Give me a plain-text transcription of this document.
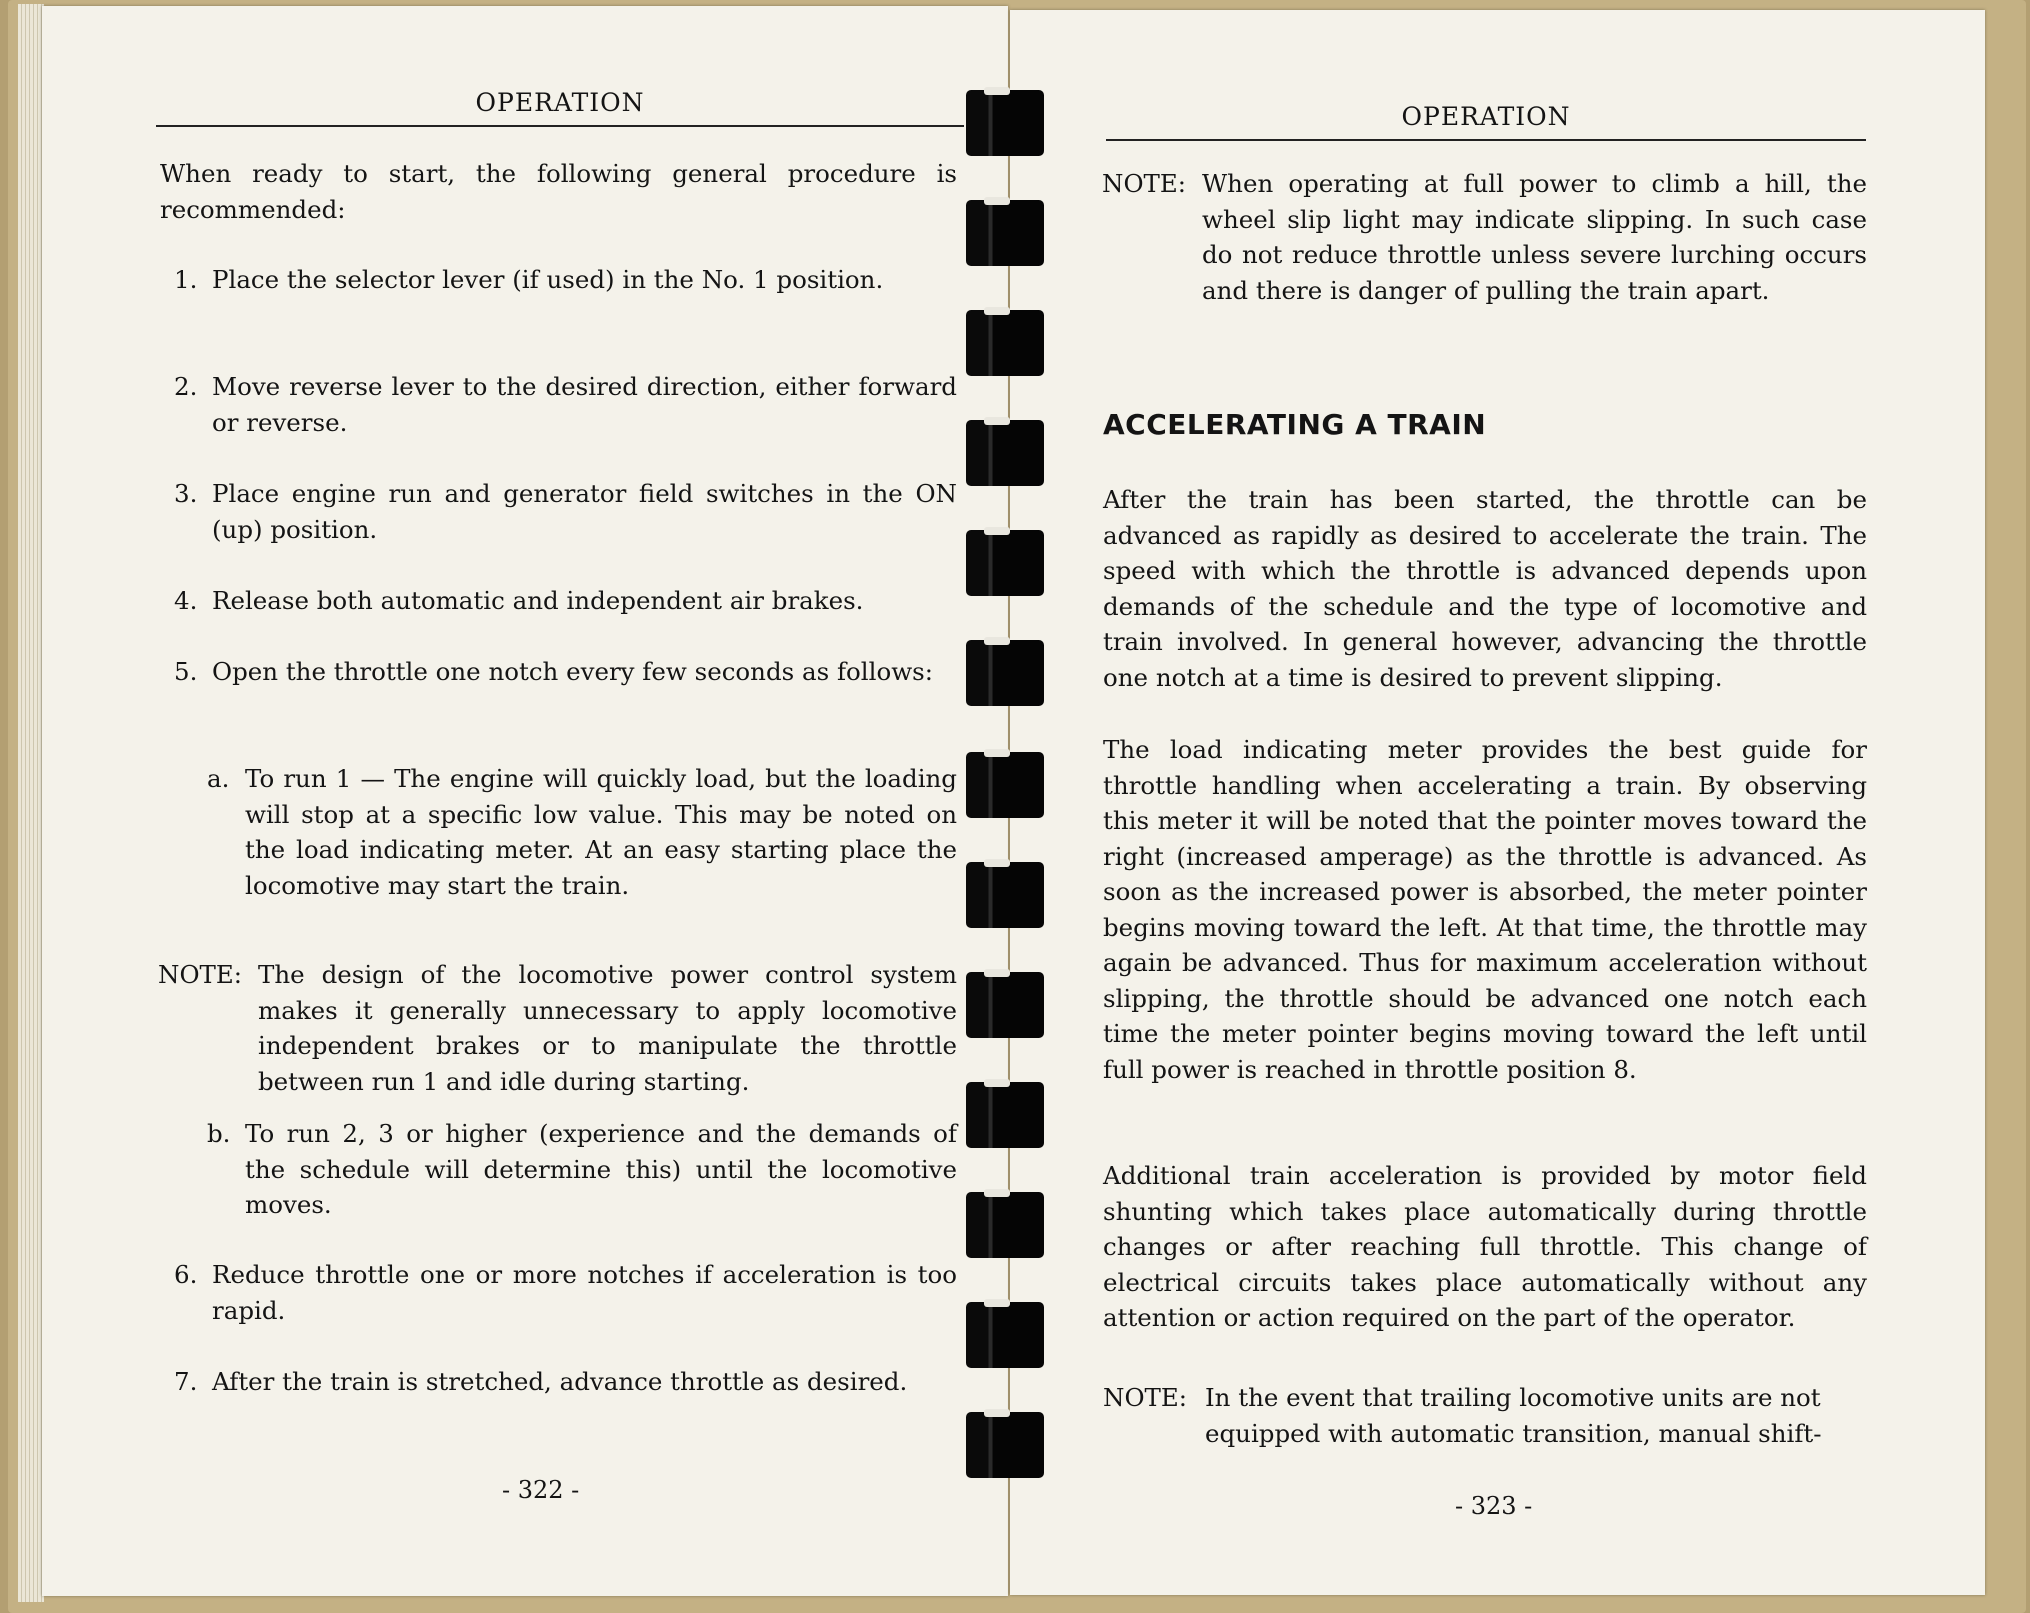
OPERATION

When ready to start, the following general procedure is recommended:

1. Place the selector lever (if used) in the No. 1 position.

2. Move reverse lever to the desired direction, either forward or reverse.

3. Place engine run and generator field switches in the ON (up) position.

4. Release both automatic and independent air brakes.

5. Open the throttle one notch every few seconds as follows:

a. To run 1 — The engine will quickly load, but the loading will stop at a specific low value. This may be noted on the load indicating meter. At an easy starting place the locomotive may start the train.

NOTE: The design of the locomotive power control system makes it generally unnecessary to apply locomotive independent brakes or to manipulate the throttle between run 1 and idle during starting.

b. To run 2, 3 or higher (experience and the demands of the schedule will determine this) until the locomotive moves.

6. Reduce throttle one or more notches if acceleration is too rapid.

7. After the train is stretched, advance throttle as desired.

- 322 -
OPERATION
NOTE: When operating at full power to climb a hill, the wheel slip light may indicate slipping. In such case do not reduce throttle unless severe lurching occurs and there is danger of pulling the train apart.

ACCELERATING A TRAIN

After the train has been started, the throttle can be advanced as rapidly as desired to accelerate the train. The speed with which the throttle is advanced depends upon demands of the schedule and the type of locomotive and train involved. In general however, advancing the throttle one notch at a time is desired to prevent slipping.

The load indicating meter provides the best guide for throttle handling when accelerating a train. By observing this meter it will be noted that the pointer moves toward the right (increased amperage) as the throttle is advanced. As soon as the increased power is absorbed, the meter pointer begins moving toward the left. At that time, the throttle may again be advanced. Thus for maximum acceleration without slipping, the throttle should be advanced one notch each time the meter pointer begins moving toward the left until full power is reached in throttle position 8.

Additional train acceleration is provided by motor field shunting which takes place automatically during throttle changes or after reaching full throttle. This change of electrical circuits takes place automatically without any attention or action required on the part of the operator.

NOTE: In the event that trailing locomotive units are not equipped with automatic transition, manual shift-

- 323 -
